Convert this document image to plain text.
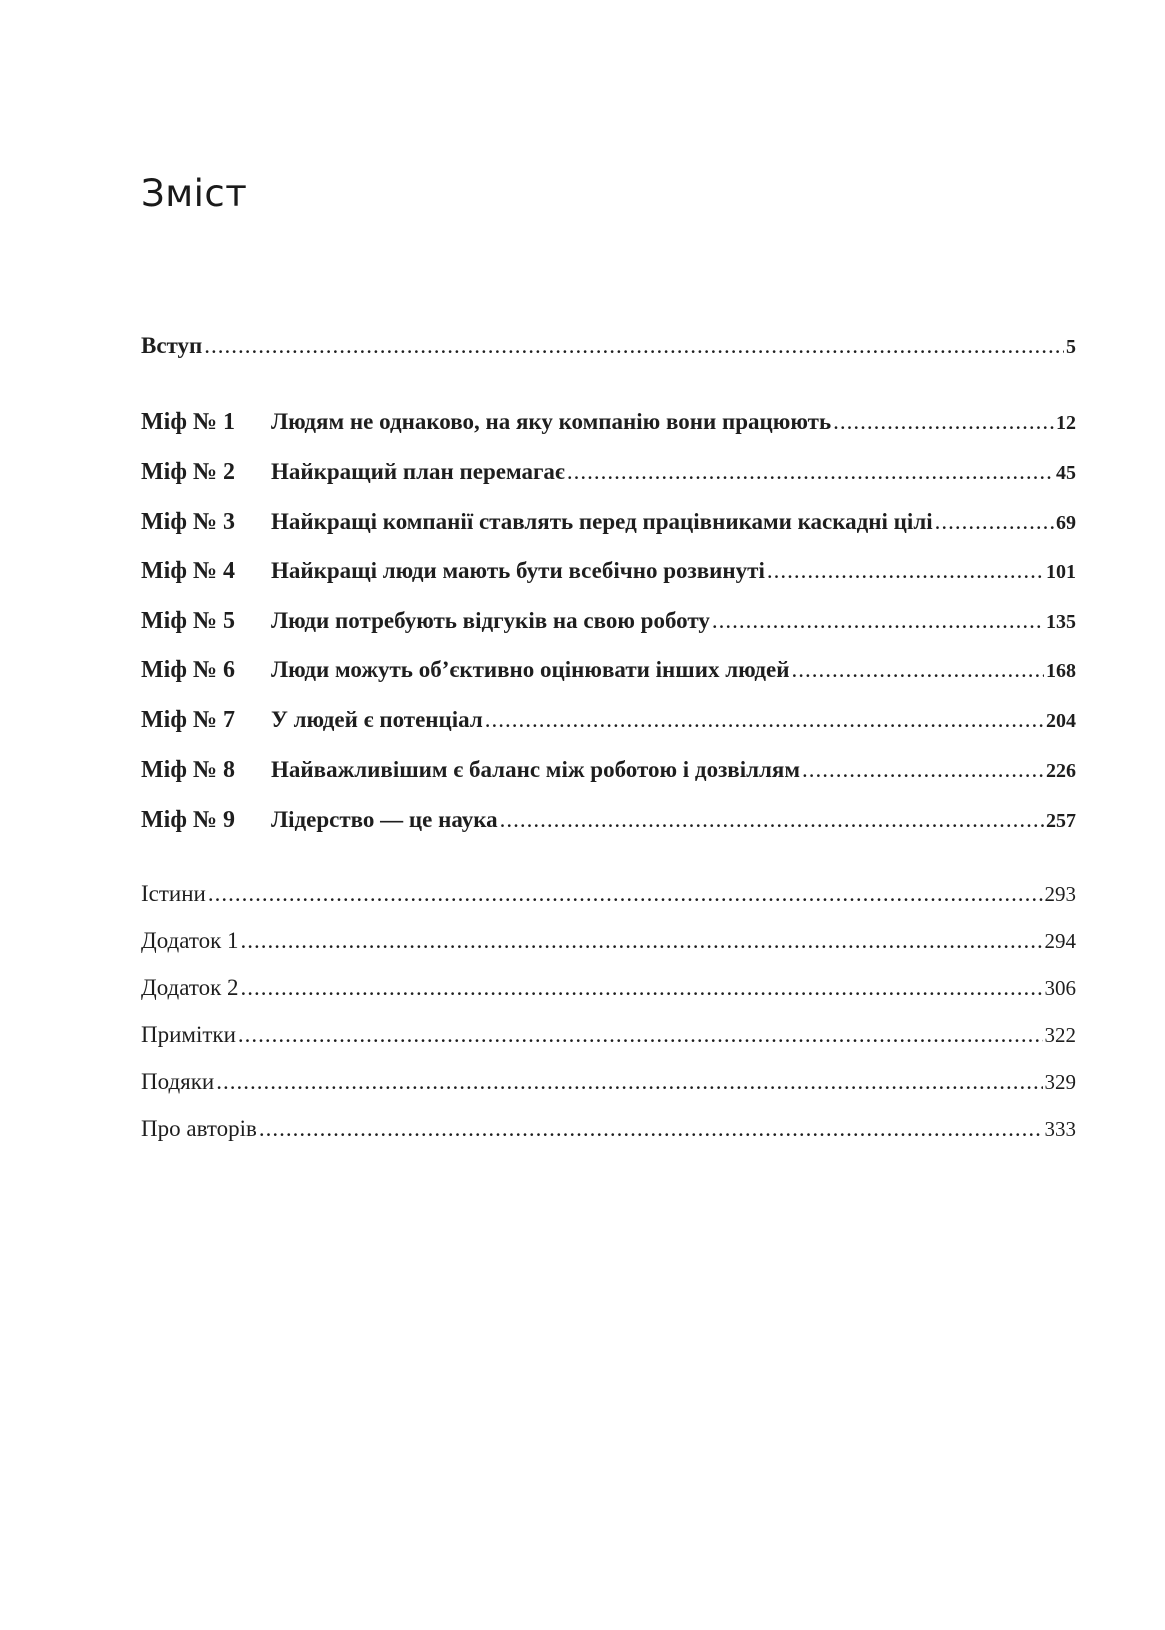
Зміст
Вступ .....	5
Міф № 1	Людям не однаково, на яку компанію вони працюють .....	12
Міф № 2	Найкращий план перемагає .....	45
Міф № 3	Найкращі компанії ставлять перед працівниками каскадні цілі .....	69
Міф № 4	Найкращі люди мають бути всебічно розвинуті .....	101
Міф № 5	Люди потребують відгуків на свою роботу .....	135
Міф № 6	Люди можуть об’єктивно оцінювати інших людей .....	168
Міф № 7	У людей є потенціал .....	204
Міф № 8	Найважливішим є баланс між роботою і дозвіллям .....	226
Міф № 9	Лідерство — це наука .....	257
Істини .....	293
Додаток 1 .....	294
Додаток 2 .....	306
Примітки .....	322
Подяки .....	329
Про авторів .....	333
